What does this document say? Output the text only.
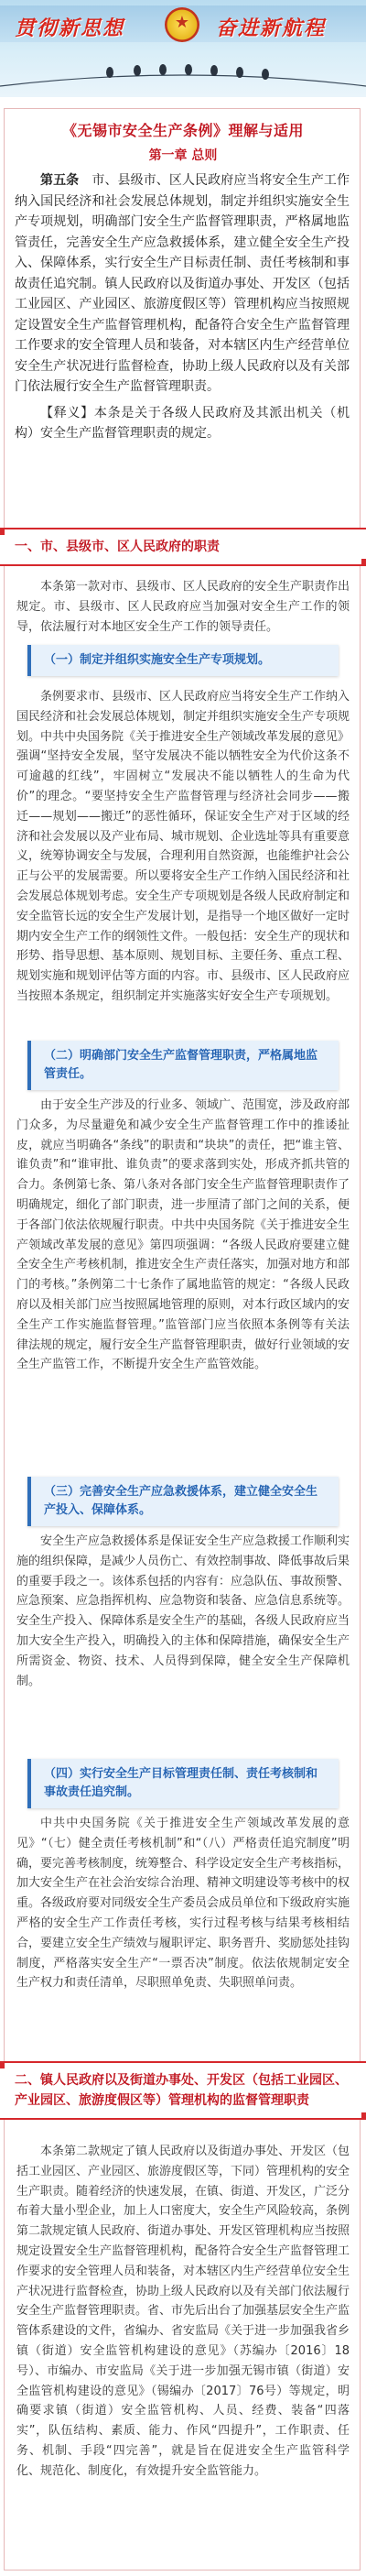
贯彻新思想
★	奋进新航程
《无锡市安全生产条例》理解与适用
第一章 总则

第五条　 市、县级市、区人民政府应当将安全生产工作纳入国民经济和社会发展总体规划，制定并组织实施安全生产专项规划，明确部门安全生产监督管理职责，严格属地监管责任，完善安全生产应急救援体系，建立健全安全生产投入、保障体系，实行安全生产目标责任制、责任考核制和事故责任追究制。镇人民政府以及街道办事处、开发区（包括工业园区、产业园区、旅游度假区等）管理机构应当按照规定设置安全生产监督管理机构，配备符合安全生产监督管理工作要求的安全管理人员和装备，对本辖区内生产经营单位安全生产状况进行监督检查，协助上级人民政府以及有关部门依法履行安全生产监督管理职责。

【释义】本条是关于各级人民政府及其派出机关（机构）安全生产监督管理职责的规定。

一、市、县级市、区人民政府的职责

本条第一款对市、县级市、区人民政府的安全生产职责作出规定。市、县级市、区人民政府应当加强对安全生产工作的领导，依法履行对本地区安全生产工作的领导责任。

（一）制定并组织实施安全生产专项规划。

条例要求市、县级市、区人民政府应当将安全生产工作纳入国民经济和社会发展总体规划，制定并组织实施安全生产专项规划。中共中央国务院《关于推进安全生产领域改革发展的意见》强调“坚持安全发展，坚守发展决不能以牺牲安全为代价这条不可逾越的红线”，牢固树立“发展决不能以牺牲人的生命为代价”的理念。“要坚持安全生产监督管理与经济社会同步——搬迁——规划——搬迁”的恶性循环，保证安全生产对于区域的经济和社会发展以及产业布局、城市规划、企业选址等具有重要意义，统筹协调安全与发展，合理利用自然资源，也能维护社会公正与公平的发展需要。所以要将安全生产工作纳入国民经济和社会发展总体规划考虑。安全生产专项规划是各级人民政府制定和安全监管长远的安全生产发展计划，是指导一个地区做好一定时期内安全生产工作的纲领性文件。一般包括：安全生产的现状和形势、指导思想、基本原则、规划目标、主要任务、重点工程、规划实施和规划评估等方面的内容。市、县级市、区人民政府应当按照本条规定，组织制定并实施落实好安全生产专项规划。

（二）明确部门安全生产监督管理职责，严格属地监管责任。

由于安全生产涉及的行业多、领域广、范围宽，涉及政府部门众多，为尽量避免和减少安全生产监督管理工作中的推诿扯皮，就应当明确各“条线”的职责和“块块”的责任，把“谁主管、谁负责”和“谁审批、谁负责”的要求落到实处，形成齐抓共管的合力。条例第七条、第八条对各部门安全生产监督管理职责作了明确规定，细化了部门职责，进一步厘清了部门之间的关系，便于各部门依法依规履行职责。中共中央国务院《关于推进安全生产领域改革发展的意见》第四项强调：“各级人民政府要建立健全安全生产考核机制，推进安全生产责任落实，加强对地方和部门的考核。”条例第二十七条作了属地监管的规定：“各级人民政府以及相关部门应当按照属地管理的原则，对本行政区域内的安全生产工作实施监督管理。”监管部门应当依照本条例等有关法律法规的规定，履行安全生产监督管理职责，做好行业领域的安全生产监管工作，不断提升安全生产监管效能。

（三）完善安全生产应急救援体系，建立健全安全生产投入、保障体系。

安全生产应急救援体系是保证安全生产应急救援工作顺利实施的组织保障，是减少人员伤亡、有效控制事故、降低事故后果的重要手段之一。该体系包括的内容有：应急队伍、事故预警、应急预案、应急指挥机构、应急物资和装备、应急信息系统等。安全生产投入、保障体系是安全生产的基础，各级人民政府应当加大安全生产投入，明确投入的主体和保障措施，确保安全生产所需资金、物资、技术、人员得到保障，健全安全生产保障机制。

（四）实行安全生产目标管理责任制、责任考核制和事故责任追究制。

中共中央国务院《关于推进安全生产领域改革发展的意见》“（七）健全责任考核机制”和“（八）严格责任追究制度”明确，要完善考核制度，统筹整合、科学设定安全生产考核指标，加大安全生产在社会治安综合治理、精神文明建设等考核中的权重。各级政府要对同级安全生产委员会成员单位和下级政府实施严格的安全生产工作责任考核，实行过程考核与结果考核相结合，要建立安全生产绩效与履职评定、职务晋升、奖励惩处挂钩制度，严格落实安全生产“一票否决”制度。依法依规制定安全生产权力和责任清单，尽职照单免责、失职照单问责。

二、镇人民政府以及街道办事处、开发区（包括工业园区、产业园区、旅游度假区等）管理机构的监督管理职责

本条第二款规定了镇人民政府以及街道办事处、开发区（包括工业园区、产业园区、旅游度假区等，下同）管理机构的安全生产职责。随着经济的快速发展，在镇、街道、开发区，广泛分布着大量小型企业，加上人口密度大，安全生产风险较高，条例第二款规定镇人民政府、街道办事处、开发区管理机构应当按照规定设置安全生产监督管理机构，配备符合安全生产监督管理工作要求的安全管理人员和装备，对本辖区内生产经营单位安全生产状况进行监督检查，协助上级人民政府以及有关部门依法履行安全生产监督管理职责。省、市先后出台了加强基层安全生产监管体系建设的文件，省编办、省安监局《关于进一步加强我省乡镇（街道）安全监管机构建设的意见》（苏编办〔2016〕18号）、市编办、市安监局《关于进一步加强无锡市镇（街道）安全监管机构建设的意见》（锡编办〔2017〕76号）等规定，明确要求镇（街道）安全监管机构、人员、经费、装备“四落实”，队伍结构、素质、能力、作风“四提升”，工作职责、任务、机制、手段“四完善”，就是旨在促进安全生产监管科学化、规范化、制度化，有效提升安全监管能力。
